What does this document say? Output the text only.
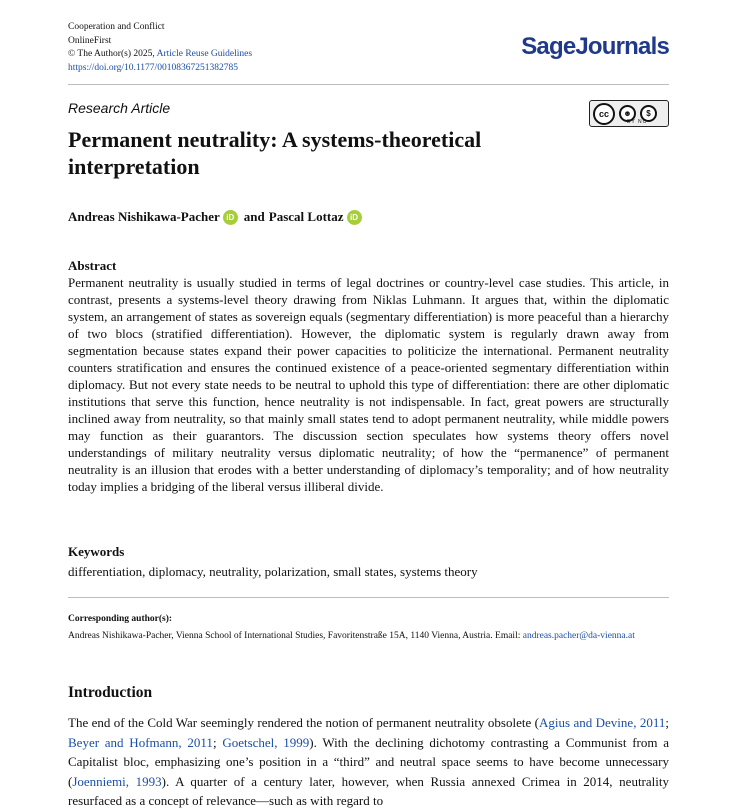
Cooperation and Conflict
OnlineFirst
© The Author(s) 2025, Article Reuse Guidelines
https://doi.org/10.1177/00108367251382785
SageJournals
Research Article	cc	☻	$
BY NC
Permanent neutrality: A systems-theoretical interpretation
Andreas Nishikawa-Pacher iD and Pascal Lottaz iD
Abstract
Permanent neutrality is usually studied in terms of legal doctrines or country-level case studies. This article, in contrast, presents a systems-level theory drawing from Niklas Luhmann. It argues that, within the diplomatic system, an arrangement of states as sovereign equals (segmentary differentiation) is more peaceful than a hierarchy of two blocs (stratified differentiation). However, the diplomatic system is regularly drawn away from segmentation because states expand their power capacities to politicize the international. Permanent neutrality counters stratification and ensures the continued existence of a peace-oriented segmentary differentiation within diplomacy. But not every state needs to be neutral to uphold this type of differentiation: there are other diplomatic institutions that serve this function, hence neutrality is not indispensable. In fact, great powers are structurally inclined away from neutrality, so that mainly small states tend to adopt permanent neutrality, while middle powers may function as their guarantors. The discussion section speculates how systems theory offers novel understandings of military neutrality versus diplomatic neutrality; of how the “permanence” of permanent neutrality is an illusion that erodes with a better understanding of diplomacy’s temporality; and of how neutrality today implies a bridging of the liberal versus illiberal divide.
Keywords
differentiation, diplomacy, neutrality, polarization, small states, systems theory
Corresponding author(s):
Andreas Nishikawa-Pacher, Vienna School of International Studies, Favoritenstraße 15A, 1140 Vienna, Austria. Email: andreas.pacher@da-vienna.at
Introduction
The end of the Cold War seemingly rendered the notion of permanent neutrality obsolete (Agius and Devine, 2011; Beyer and Hofmann, 2011; Goetschel, 1999). With the declining dichotomy contrasting a Communist from a Capitalist bloc, emphasizing one’s position in a “third” and neutral space seems to have become unnecessary (Joenniemi, 1993). A quarter of a century later, however, when Russia annexed Crimea in 2014, neutrality resurfaced as a concept of relevance—such as with regard to
